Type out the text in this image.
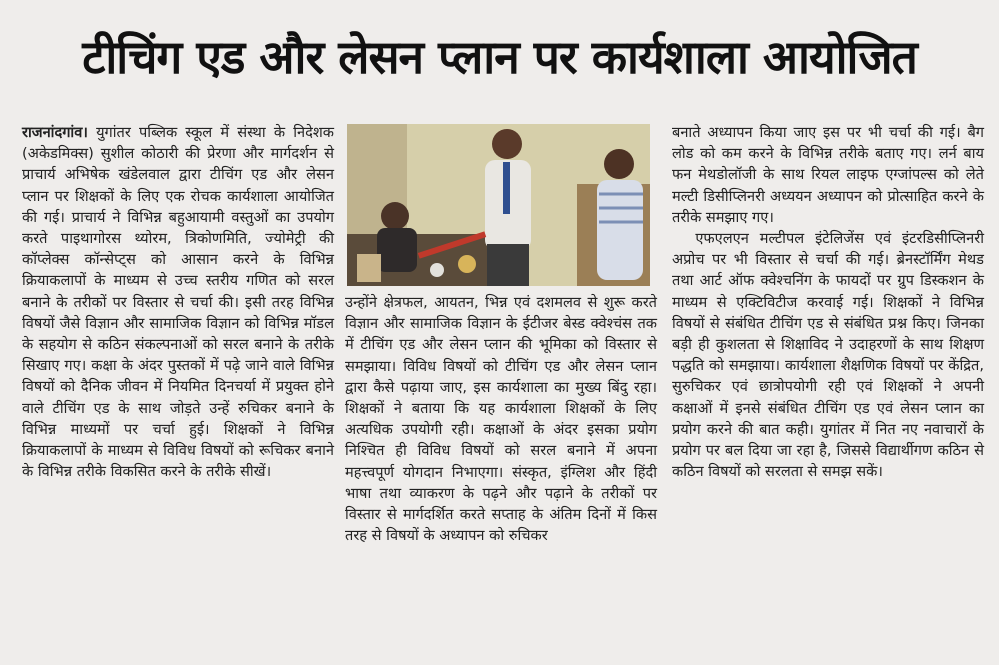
टीचिंग एड और लेसन प्लान पर कार्यशाला आयोजित

राजनांदगांव। युगांतर पब्लिक स्कूल में संस्था के निदेशक (अकेडमिक्स) सुशील कोठारी की प्रेरणा और मार्गदर्शन से प्राचार्य अभिषेक खंडेलवाल द्वारा टीचिंग एड और लेसन प्लान पर शिक्षकों के लिए एक रोचक कार्यशाला आयोजित की गई। प्राचार्य ने विभिन्न बहुआयामी वस्तुओं का उपयोग करते पाइथागोरस थ्योरम, त्रिकोणमिति, ज्योमेट्री की कॉप्लेक्स कॉन्सेप्ट्स को आसान करने के विभिन्न क्रियाकलापों के माध्यम से उच्च स्तरीय गणित को सरल बनाने के तरीकों पर विस्तार से चर्चा की। इसी तरह विभिन्न विषयों जैसे विज्ञान और सामाजिक विज्ञान को विभिन्न मॉडल के सहयोग से कठिन संकल्पनाओं को सरल बनाने के तरीके सिखाए गए। कक्षा के अंदर पुस्तकों में पढ़े जाने वाले विभिन्न विषयों को दैनिक जीवन में नियमित दिनचर्या में प्रयुक्त होने वाले टीचिंग एड के साथ जोड़ते उन्हें रुचिकर बनाने के विभिन्न माध्यमों पर चर्चा हुई। शिक्षकों ने विभिन्न क्रियाकलापों के माध्यम से विविध विषयों को रूचिकर बनाने के विभिन्न तरीके विकसित करने के तरीके सीखें।

उन्होंने क्षेत्रफल, आयतन, भिन्न एवं दशमलव से शुरू करते विज्ञान और सामाजिक विज्ञान के ईटीजर बेस्ड क्वेश्चंस तक में टीचिंग एड और लेसन प्लान की भूमिका को विस्तार से समझाया। विविध विषयों को टीचिंग एड और लेसन प्लान द्वारा कैसे पढ़ाया जाए, इस कार्यशाला का मुख्य बिंदु रहा। शिक्षकों ने बताया कि यह कार्यशाला शिक्षकों के लिए अत्यधिक उपयोगी रही। कक्षाओं के अंदर इसका प्रयोग निश्चित ही विविध विषयों को सरल बनाने में अपना महत्त्वपूर्ण योगदान निभाएगा। संस्कृत, इंग्लिश और हिंदी भाषा तथा व्याकरण के पढ़ने और पढ़ाने के तरीकों पर विस्तार से मार्गदर्शित करते सप्ताह के अंतिम दिनों में किस तरह से विषयों के अध्यापन को रुचिकर

बनाते अध्यापन किया जाए इस पर भी चर्चा की गई। बैग लोड को कम करने के विभिन्न तरीके बताए गए। लर्न बाय फन मेथडोलॉजी के साथ रियल लाइफ एग्जांपल्स को लेते मल्टी डिसीप्लिनरी अध्ययन अध्यापन को प्रोत्साहित करने के तरीके समझाए गए।

एफएलएन मल्टीपल इंटेलिजेंस एवं इंटरडिसीप्लिनरी अप्रोच पर भी विस्तार से चर्चा की गई। ब्रेनस्टॉर्मिंग मेथड तथा आर्ट ऑफ क्वेश्चनिंग के फायदों पर ग्रुप डिस्कशन के माध्यम से एक्टिविटीज करवाई गई। शिक्षकों ने विभिन्न विषयों से संबंधित टीचिंग एड से संबंधित प्रश्न किए। जिनका बड़ी ही कुशलता से शिक्षाविद ने उदाहरणों के साथ शिक्षण पद्धति को समझाया। कार्यशाला शैक्षणिक विषयों पर केंद्रित, सुरुचिकर एवं छात्रोपयोगी रही एवं शिक्षकों ने अपनी कक्षाओं में इनसे संबंधित टीचिंग एड एवं लेसन प्लान का प्रयोग करने की बात कही। युगांतर में नित नए नवाचारों के प्रयोग पर बल दिया जा रहा है, जिससे विद्यार्थीगण कठिन से कठिन विषयों को सरलता से समझ सकें।
